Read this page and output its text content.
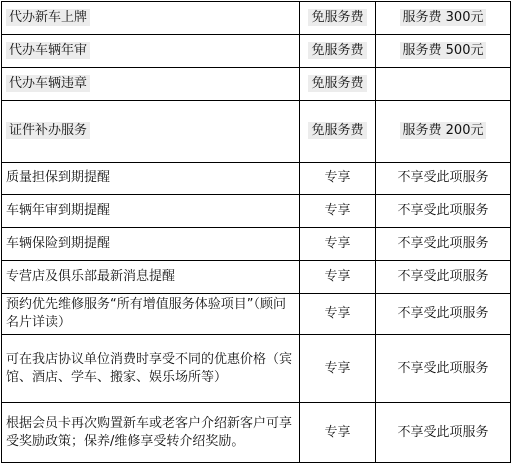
代办新车上牌	免服务费	服务费 300元
代办车辆年审	免服务费	服务费 500元
代办车辆违章	免服务费	
证件补办服务	免服务费	服务费 200元
质量担保到期提醒	专享	不享受此项服务
车辆年审到期提醒	专享	不享受此项服务
车辆保险到期提醒	专享	不享受此项服务
专营店及俱乐部最新消息提醒	专享	不享受此项服务
预约优先维修服务“所有增值服务体验项目”（顾问名片详读）	专享	不享受此项服务
可在我店协议单位消费时享受不同的优惠价格（宾馆、酒店、学车、搬家、娱乐场所等）	专享	不享受此项服务
根据会员卡再次购置新车或老客户介绍新客户可享受奖励政策；保养/维修享受转介绍奖励。	专享	不享受此项服务
